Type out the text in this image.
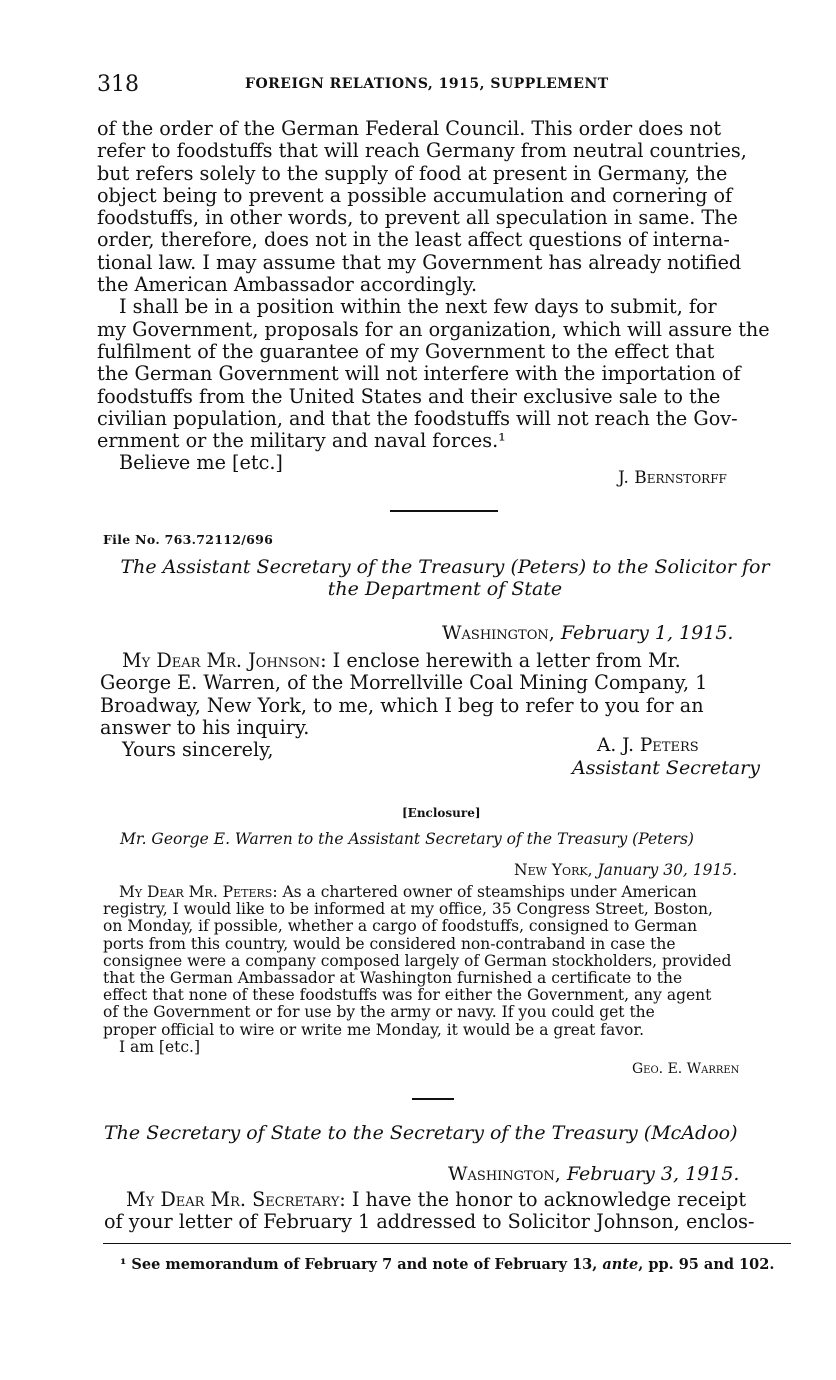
318	FOREIGN RELATIONS, 1915, SUPPLEMENT
of the order of the German Federal Council. This order does not
refer to foodstuffs that will reach Germany from neutral countries,
but refers solely to the supply of food at present in Germany, the
object being to prevent a possible accumulation and cornering of
foodstuffs, in other words, to prevent all speculation in same. The
order, therefore, does not in the least affect questions of interna-
tional law. I may assume that my Government has already notified
the American Ambassador accordingly.
I shall be in a position within the next few days to submit, for
my Government, proposals for an organization, which will assure the
fulfilment of the guarantee of my Government to the effect that
the German Government will not interfere with the importation of
foodstuffs from the United States and their exclusive sale to the
civilian population, and that the foodstuffs will not reach the Gov-
ernment or the military and naval forces.¹
Believe me [etc.]
J. Bernstorff
File No. 763.72112/696
The Assistant Secretary of the Treasury (Peters) to the Solicitor for
the Department of State
Washington, February 1, 1915.
My Dear Mr. Johnson: I enclose herewith a letter from Mr.
George E. Warren, of the Morrellville Coal Mining Company, 1
Broadway, New York, to me, which I beg to refer to you for an
answer to his inquiry.
Yours sincerely,	A. J. Peters
Assistant Secretary
[Enclosure]
Mr. George E. Warren to the Assistant Secretary of the Treasury (Peters)
New York, January 30, 1915.
My Dear Mr. Peters: As a chartered owner of steamships under American
registry, I would like to be informed at my office, 35 Congress Street, Boston,
on Monday, if possible, whether a cargo of foodstuffs, consigned to German
ports from this country, would be considered non-contraband in case the
consignee were a company composed largely of German stockholders, provided
that the German Ambassador at Washington furnished a certificate to the
effect that none of these foodstuffs was for either the Government, any agent
of the Government or for use by the army or navy. If you could get the
proper official to wire or write me Monday, it would be a great favor.
I am [etc.]
Geo. E. Warren
The Secretary of State to the Secretary of the Treasury (McAdoo)
Washington, February 3, 1915.
My Dear Mr. Secretary: I have the honor to acknowledge receipt
of your letter of February 1 addressed to Solicitor Johnson, enclos-
¹ See memorandum of February 7 and note of February 13, ante, pp. 95 and 102.
